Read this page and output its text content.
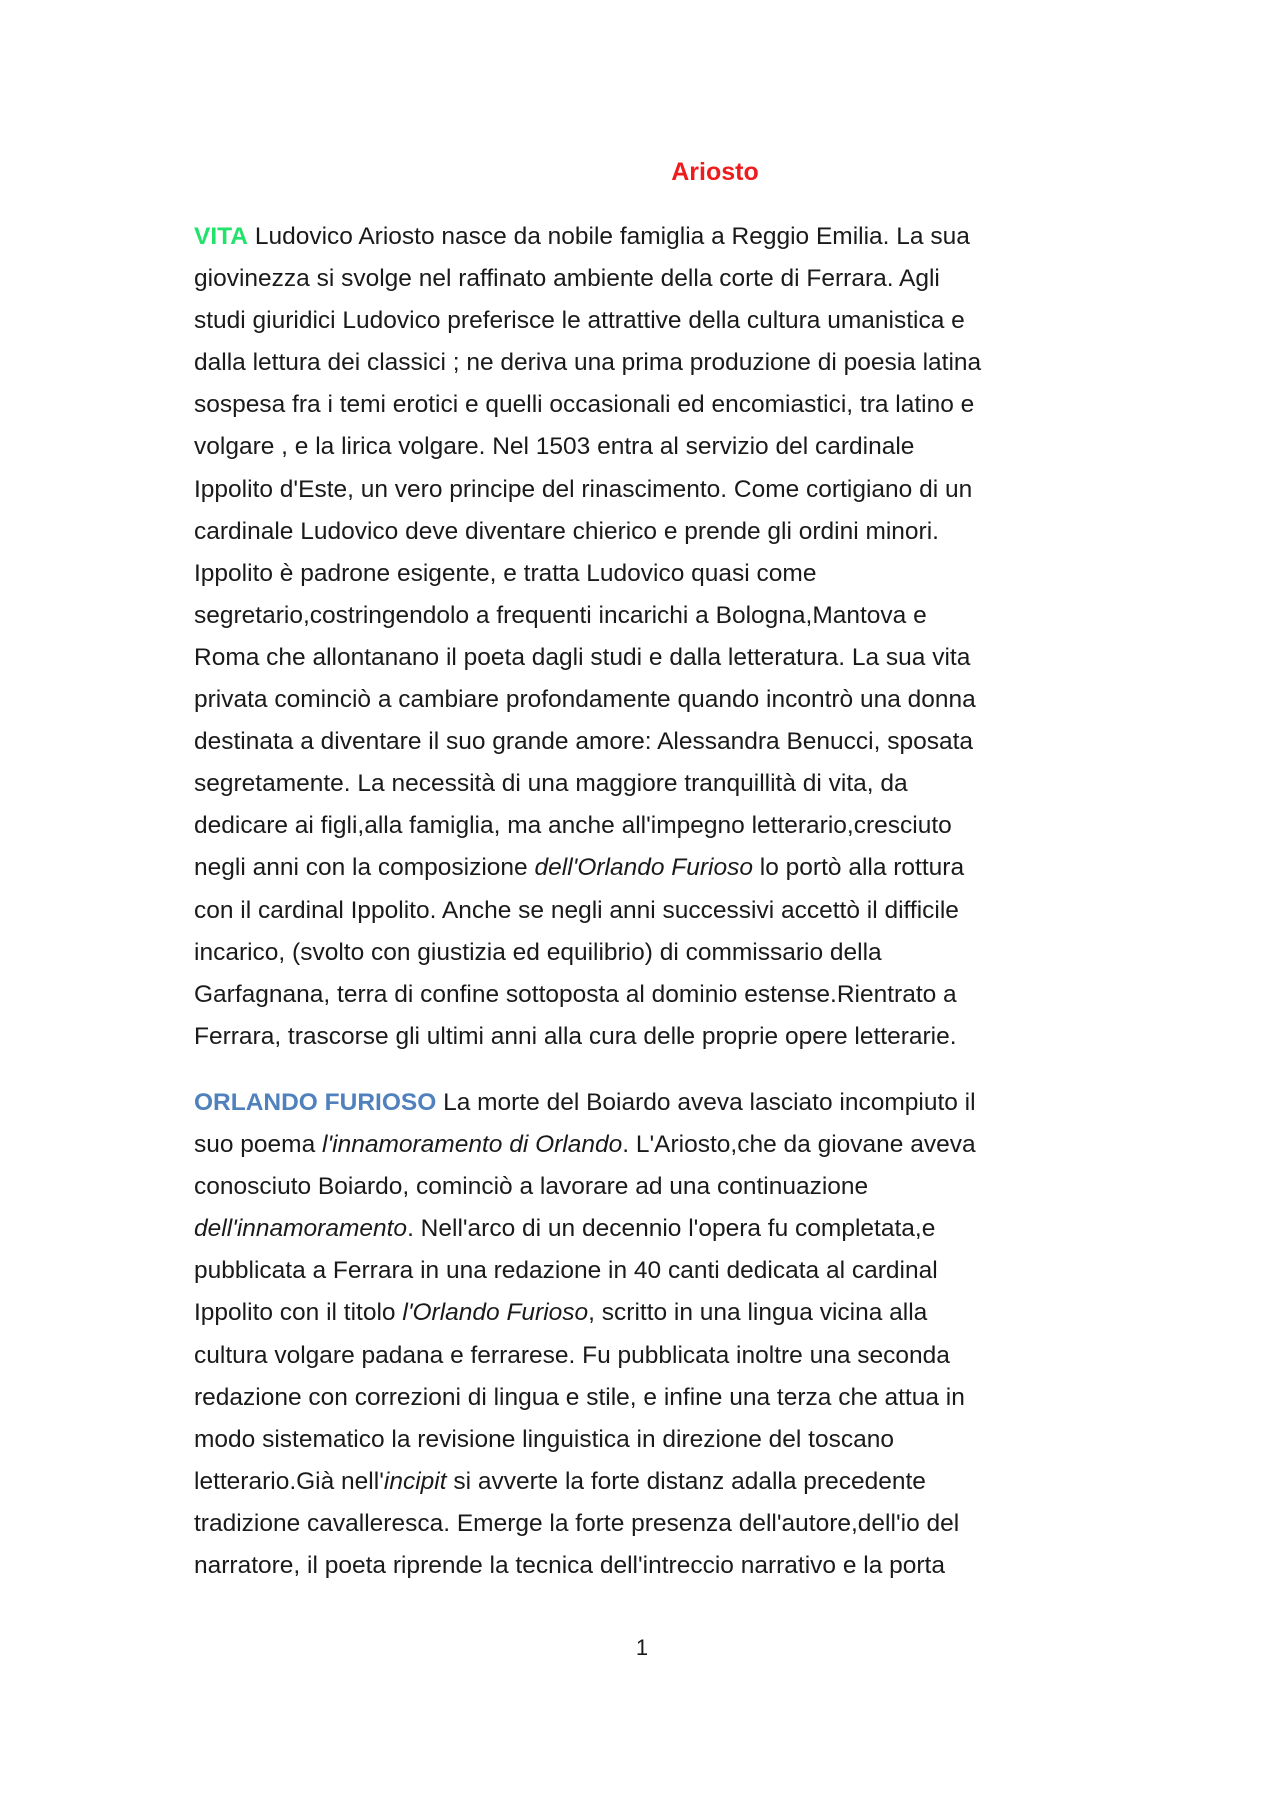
Ariosto
VITA Ludovico Ariosto nasce da nobile famiglia a Reggio Emilia. La sua
giovinezza si svolge nel raffinato ambiente della corte di Ferrara. Agli
studi giuridici Ludovico preferisce le attrattive della cultura umanistica e
dalla lettura dei classici ; ne deriva una prima produzione di poesia latina
sospesa fra i temi erotici e quelli occasionali ed encomiastici, tra latino e
volgare , e la lirica volgare. Nel 1503 entra al servizio del cardinale
Ippolito d'Este, un vero principe del rinascimento. Come cortigiano di un
cardinale Ludovico deve diventare chierico e prende gli ordini minori.
Ippolito è padrone esigente, e tratta Ludovico quasi come
segretario,costringendolo a frequenti incarichi a Bologna,Mantova e
Roma che allontanano il poeta dagli studi e dalla letteratura. La sua vita
privata cominciò a cambiare profondamente quando incontrò una donna
destinata a diventare il suo grande amore: Alessandra Benucci, sposata
segretamente. La necessità di una maggiore tranquillità di vita, da
dedicare ai figli,alla famiglia, ma anche all'impegno letterario,cresciuto
negli anni con la composizione dell'Orlando Furioso lo portò alla rottura
con il cardinal Ippolito. Anche se negli anni successivi accettò il difficile
incarico, (svolto con giustizia ed equilibrio) di commissario della
Garfagnana, terra di confine sottoposta al dominio estense.Rientrato a
Ferrara, trascorse gli ultimi anni alla cura delle proprie opere letterarie.
ORLANDO FURIOSO La morte del Boiardo aveva lasciato incompiuto il
suo poema l'innamoramento di Orlando. L'Ariosto,che da giovane aveva
conosciuto Boiardo, cominciò a lavorare ad una continuazione
dell'innamoramento. Nell'arco di un decennio l'opera fu completata,e
pubblicata a Ferrara in una redazione in 40 canti dedicata al cardinal
Ippolito con il titolo l'Orlando Furioso, scritto in una lingua vicina alla
cultura volgare padana e ferrarese. Fu pubblicata inoltre una seconda
redazione con correzioni di lingua e stile, e infine una terza che attua in
modo sistematico la revisione linguistica in direzione del toscano
letterario.Già nell'incipit si avverte la forte distanz adalla precedente
tradizione cavalleresca. Emerge la forte presenza dell'autore,dell'io del
narratore, il poeta riprende la tecnica dell'intreccio narrativo e la porta
1
